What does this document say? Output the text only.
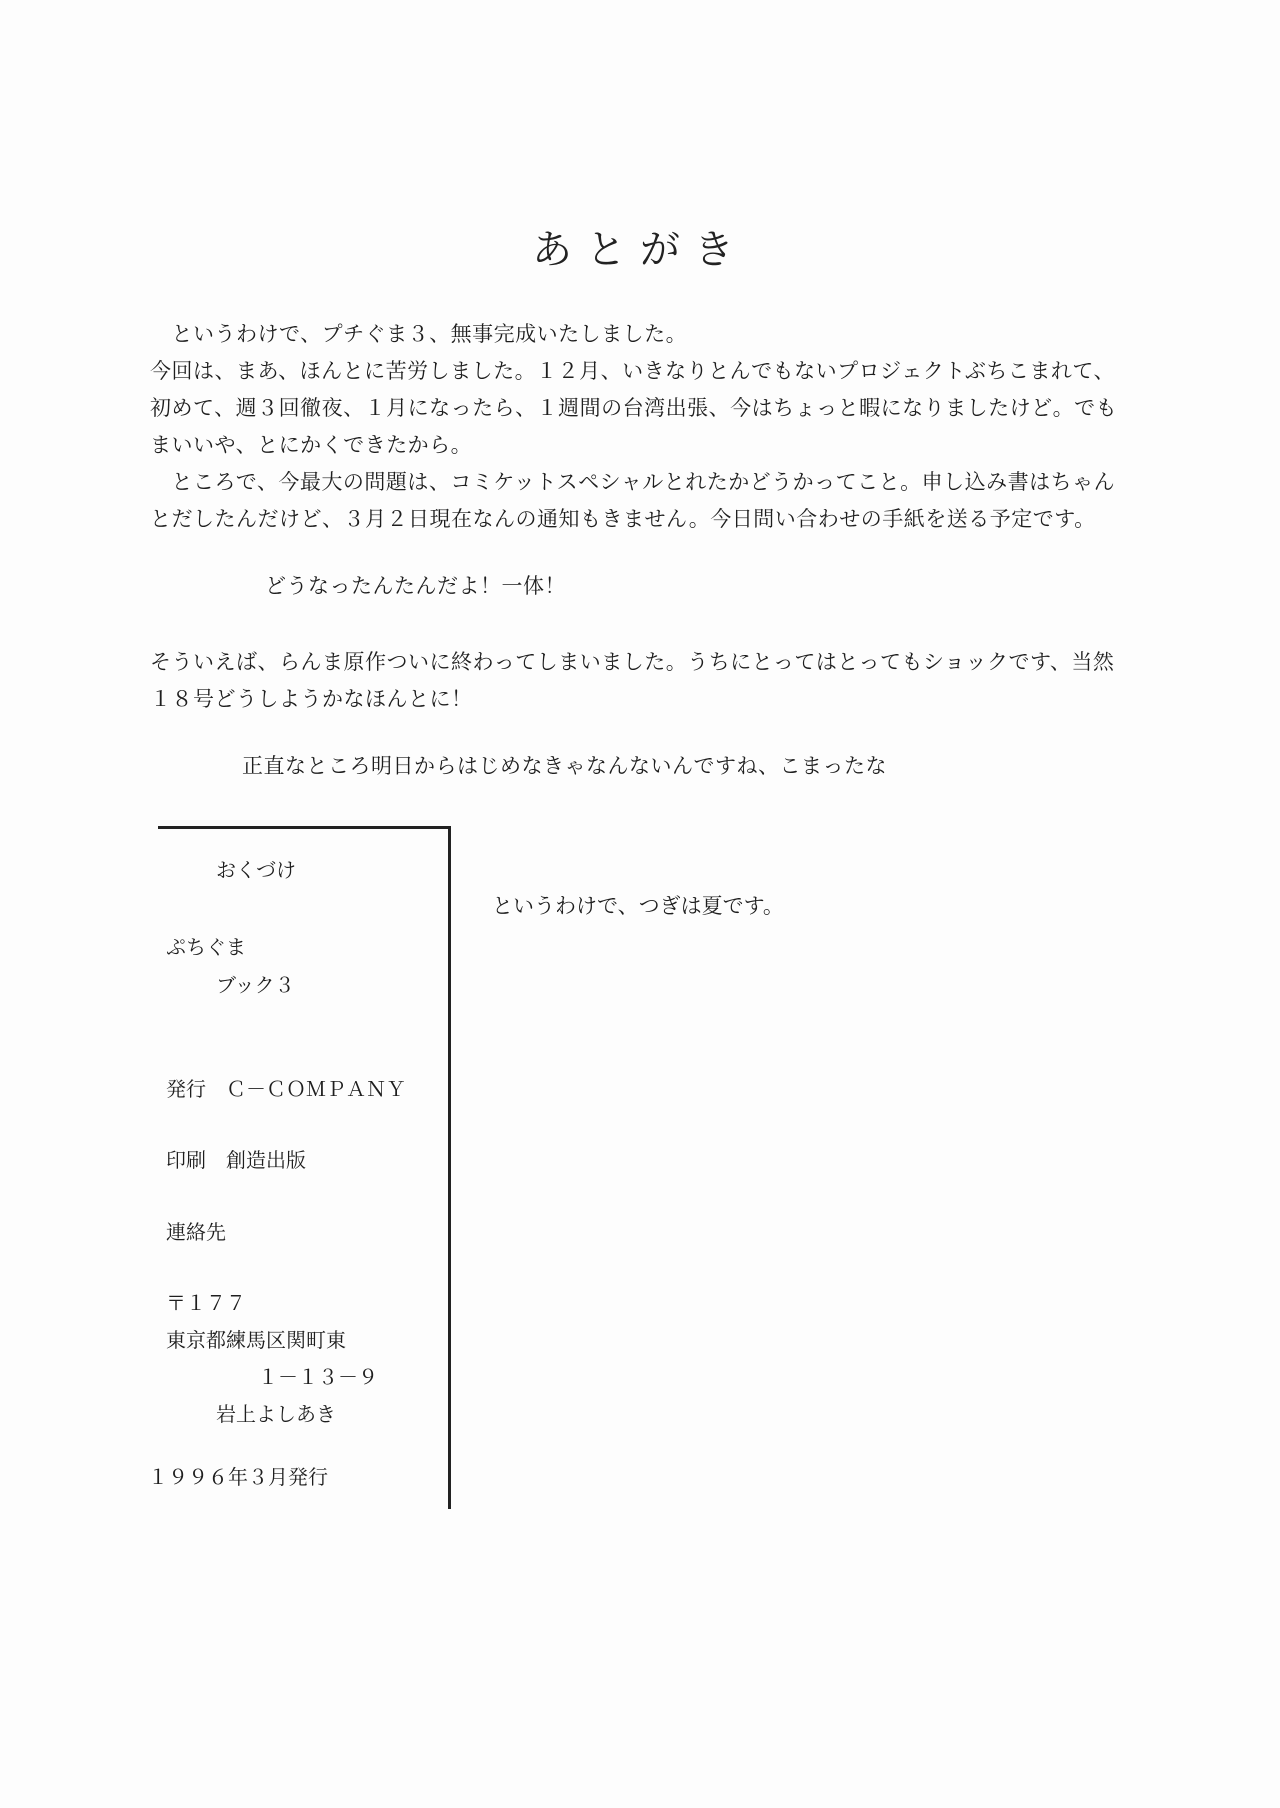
あとがき
　というわけで、プチぐま３、無事完成いたしました。
今回は、まあ、ほんとに苦労しました。１２月、いきなりとんでもないプロジェクトぶちこまれて、
初めて、週３回徹夜、１月になったら、１週間の台湾出張、今はちょっと暇になりましたけど。でも
まいいや、とにかくできたから。
　ところで、今最大の問題は、コミケットスペシャルとれたかどうかってこと。申し込み書はちゃん
とだしたんだけど、３月２日現在なんの通知もきません。今日問い合わせの手紙を送る予定です。
どうなったんたんだよ！一体！
そういえば、らんま原作ついに終わってしまいました。うちにとってはとってもショックです、当然
１８号どうしようかなほんとに！
正直なところ明日からはじめなきゃなんないんですね、こまったな
おくづけ
ぷちぐま
ブック３
発行　Ｃ－ＣＯＭＰＡＮＹ
印刷　創造出版
連絡先
〒１７７
東京都練馬区関町東
１－１３－９
岩上よしあき
１９９６年３月発行
というわけで、つぎは夏です。
